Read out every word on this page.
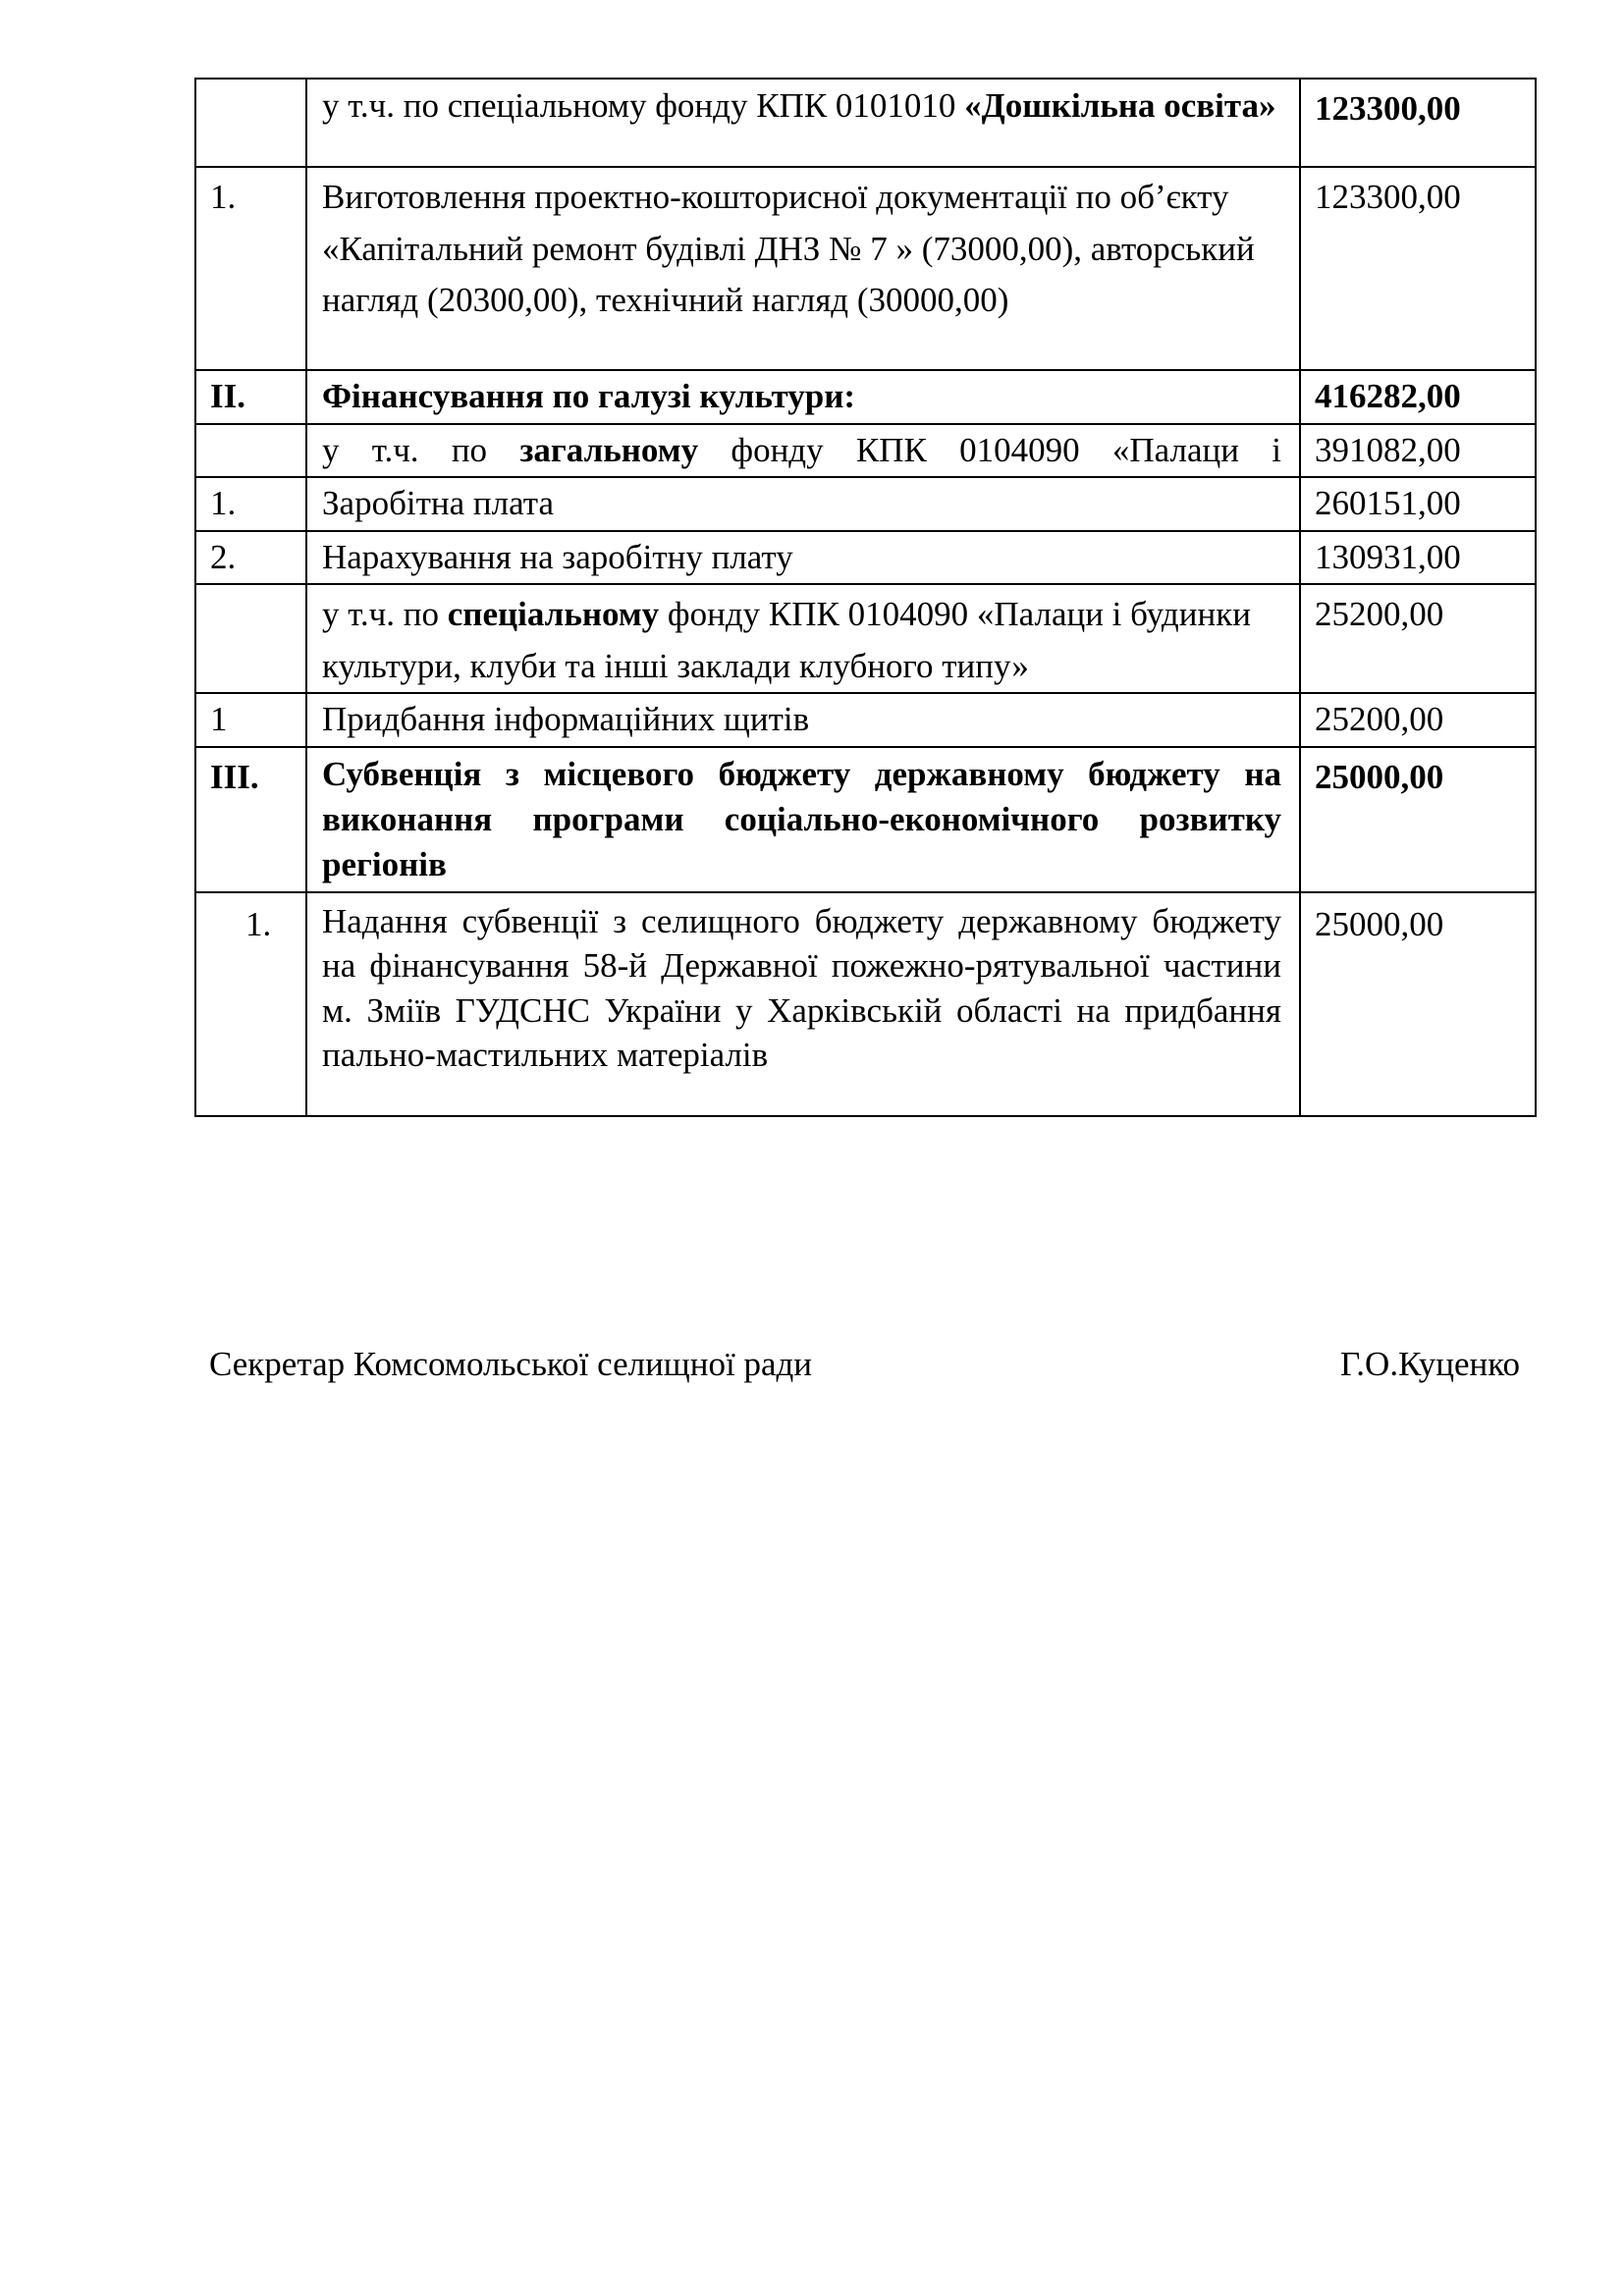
	у т.ч. по спеціальному фонду КПК 0101010 «Дошкільна освіта»	123300,00
1.	Виготовлення проектно-кошторисної документації по об’єкту «Капітальний ремонт будівлі ДНЗ № 7 » (73000,00), авторський нагляд (20300,00), технічний нагляд (30000,00)	123300,00
II.	Фінансування по галузі культури:	416282,00

	у т.ч. по загальному фонду КПК 0104090 «Палаци і	391082,00
1.	Заробітна плата	260151,00
2.	Нарахування на заробітну плату	130931,00
	у т.ч. по спеціальному фонду КПК 0104090 «Палаци і будинки культури, клуби та інші заклади клубного типу»	25200,00
1	Придбання інформаційних щитів	25200,00
III.	Субвенція з місцевого бюджету державному бюджету на виконання програми соціально-економічного розвитку регіонів	25000,00
1.	Надання субвенції з селищного бюджету державному бюджету на фінансування 58-й Державної пожежно-рятувальної частини м. Зміїв ГУДСНС України у Харківській області на придбання пально-мастильних матеріалів	25000,00
Секретар Комсомольської селищної ради	Г.О.Куценко
